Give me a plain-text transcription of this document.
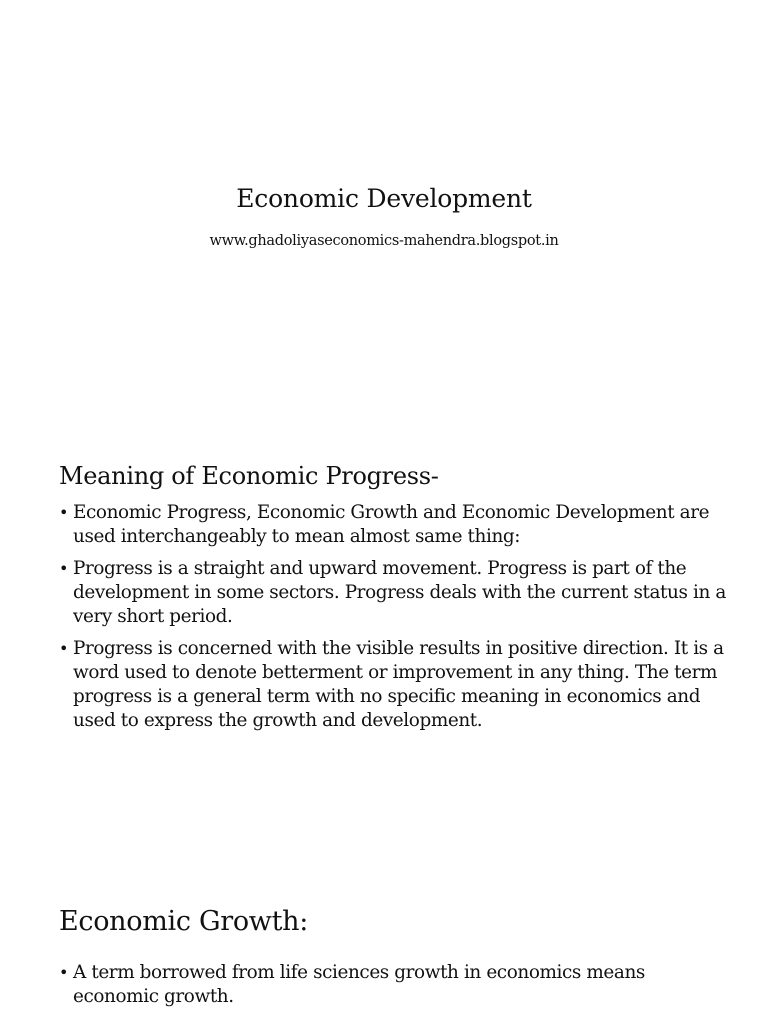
Economic Development
www.ghadoliyaseconomics-mahendra.blogspot.in
Meaning of Economic Progress-
• Economic Progress, Economic Growth and Economic Development are used interchangeably to mean almost same thing:
• Progress is a straight and upward movement. Progress is part of the development in some sectors. Progress deals with the current status in a very short period.
• Progress is concerned with the visible results in positive direction. It is a word used to denote betterment or improvement in any thing. The term progress is a general term with no specific meaning in economics and used to express the growth and development.
Economic Growth:
• A term borrowed from life sciences growth in economics means economic growth.
